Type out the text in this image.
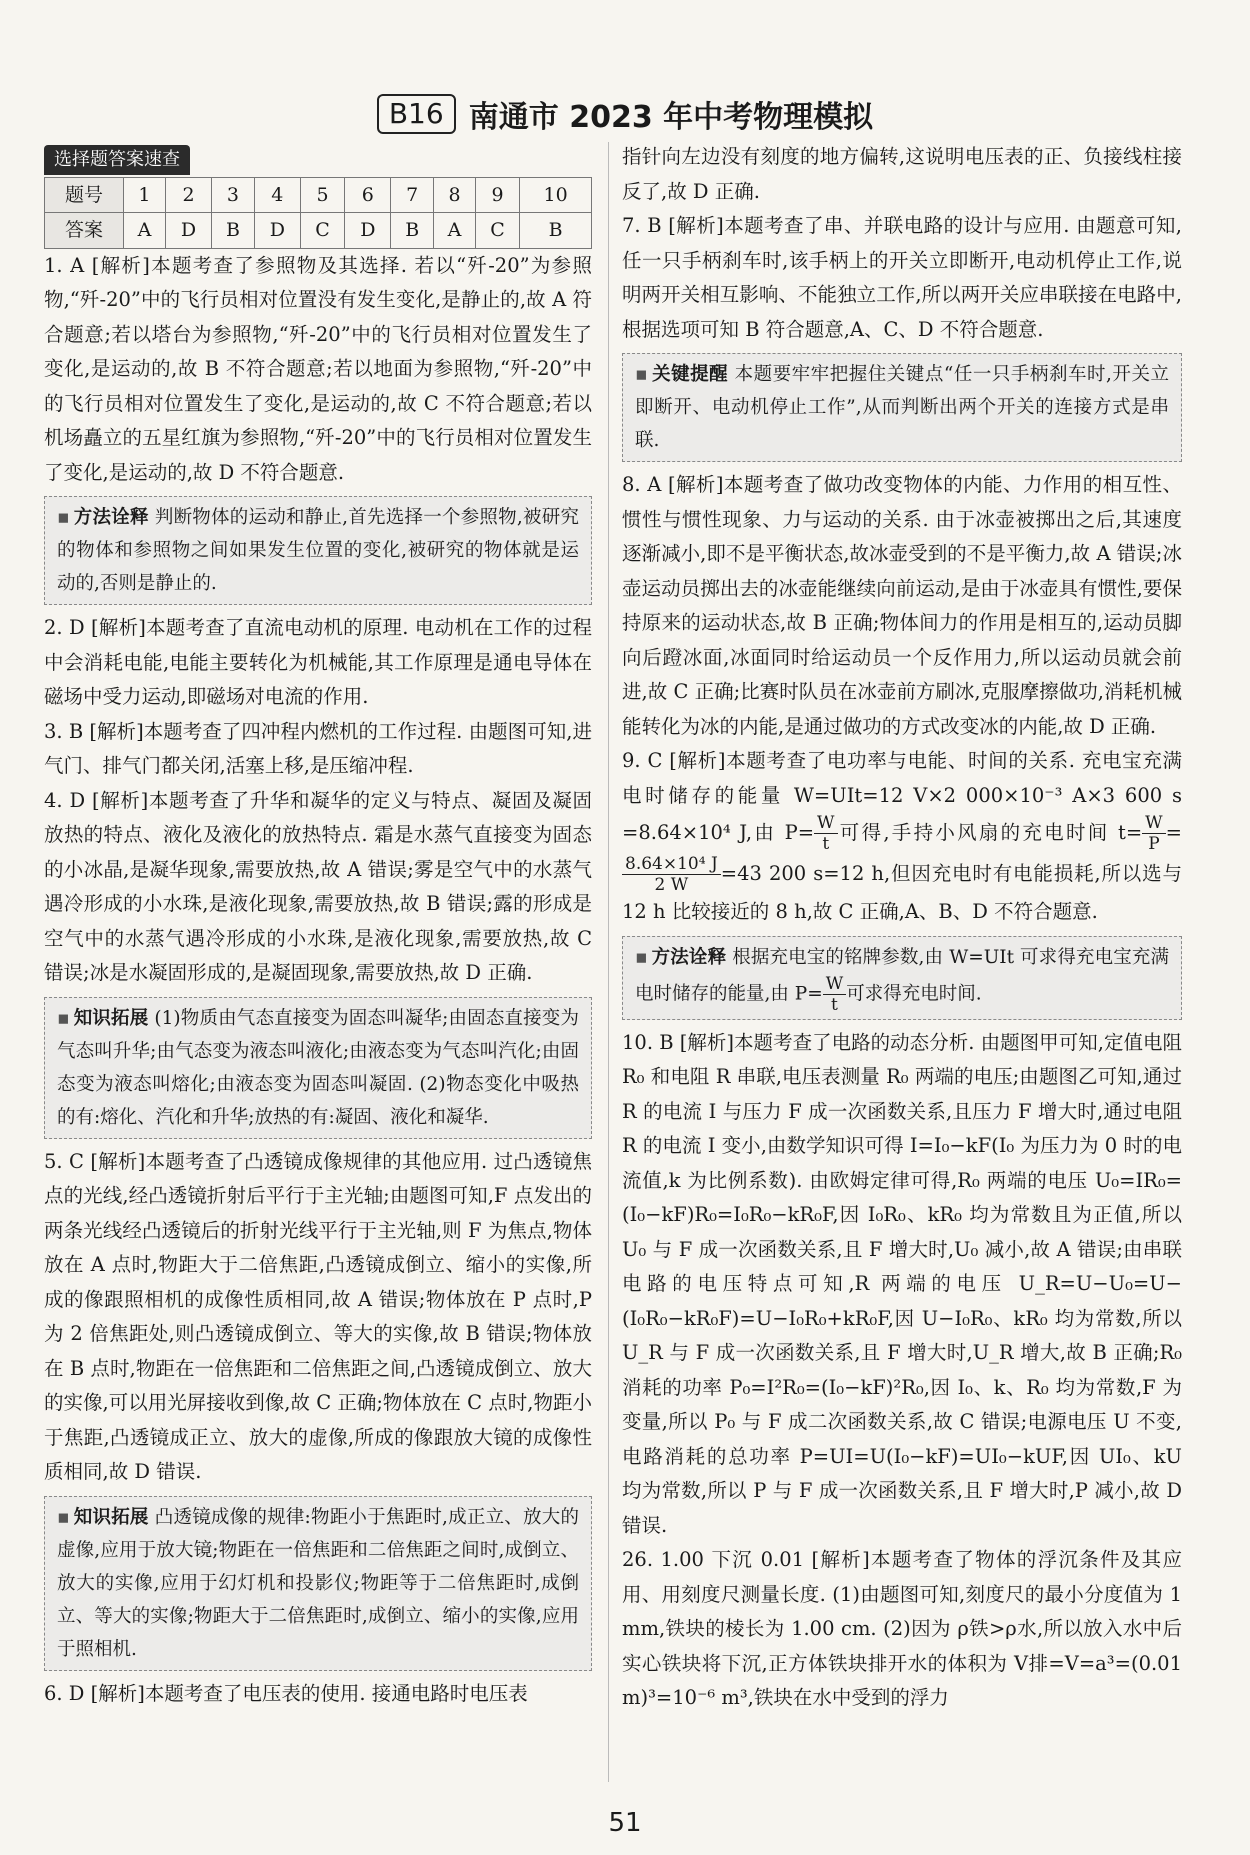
B16 南通市 2023 年中考物理模拟
选择题答案速查
题号	1	2	3	4	5	6	7	8	9	10
答案	A	D	B	D	C	D	B	A	C	B

1. A [解析]本题考查了参照物及其选择. 若以“歼-20”为参照物,“歼-20”中的飞行员相对位置没有发生变化,是静止的,故 A 符合题意;若以塔台为参照物,“歼-20”中的飞行员相对位置发生了变化,是运动的,故 B 不符合题意;若以地面为参照物,“歼-20”中的飞行员相对位置发生了变化,是运动的,故 C 不符合题意;若以机场矗立的五星红旗为参照物,“歼-20”中的飞行员相对位置发生了变化,是运动的,故 D 不符合题意.

▪ 方法诠释 判断物体的运动和静止,首先选择一个参照物,被研究的物体和参照物之间如果发生位置的变化,被研究的物体就是运动的,否则是静止的.

2. D [解析]本题考查了直流电动机的原理. 电动机在工作的过程中会消耗电能,电能主要转化为机械能,其工作原理是通电导体在磁场中受力运动,即磁场对电流的作用.

3. B [解析]本题考查了四冲程内燃机的工作过程. 由题图可知,进气门、排气门都关闭,活塞上移,是压缩冲程.

4. D [解析]本题考查了升华和凝华的定义与特点、凝固及凝固放热的特点、液化及液化的放热特点. 霜是水蒸气直接变为固态的小冰晶,是凝华现象,需要放热,故 A 错误;雾是空气中的水蒸气遇冷形成的小水珠,是液化现象,需要放热,故 B 错误;露的形成是空气中的水蒸气遇冷形成的小水珠,是液化现象,需要放热,故 C 错误;冰是水凝固形成的,是凝固现象,需要放热,故 D 正确.

▪ 知识拓展 (1)物质由气态直接变为固态叫凝华;由固态直接变为气态叫升华;由气态变为液态叫液化;由液态变为气态叫汽化;由固态变为液态叫熔化;由液态变为固态叫凝固. (2)物态变化中吸热的有:熔化、汽化和升华;放热的有:凝固、液化和凝华.

5. C [解析]本题考查了凸透镜成像规律的其他应用. 过凸透镜焦点的光线,经凸透镜折射后平行于主光轴;由题图可知,F 点发出的两条光线经凸透镜后的折射光线平行于主光轴,则 F 为焦点,物体放在 A 点时,物距大于二倍焦距,凸透镜成倒立、缩小的实像,所成的像跟照相机的成像性质相同,故 A 错误;物体放在 P 点时,P 为 2 倍焦距处,则凸透镜成倒立、等大的实像,故 B 错误;物体放在 B 点时,物距在一倍焦距和二倍焦距之间,凸透镜成倒立、放大的实像,可以用光屏接收到像,故 C 正确;物体放在 C 点时,物距小于焦距,凸透镜成正立、放大的虚像,所成的像跟放大镜的成像性质相同,故 D 错误.

▪ 知识拓展 凸透镜成像的规律:物距小于焦距时,成正立、放大的虚像,应用于放大镜;物距在一倍焦距和二倍焦距之间时,成倒立、放大的实像,应用于幻灯机和投影仪;物距等于二倍焦距时,成倒立、等大的实像;物距大于二倍焦距时,成倒立、缩小的实像,应用于照相机.

6. D [解析]本题考查了电压表的使用. 接通电路时电压表

指针向左边没有刻度的地方偏转,这说明电压表的正、负接线柱接反了,故 D 正确.

7. B [解析]本题考查了串、并联电路的设计与应用. 由题意可知,任一只手柄刹车时,该手柄上的开关立即断开,电动机停止工作,说明两开关相互影响、不能独立工作,所以两开关应串联接在电路中,根据选项可知 B 符合题意,A、C、D 不符合题意.

▪ 关键提醒 本题要牢牢把握住关键点“任一只手柄刹车时,开关立即断开、电动机停止工作”,从而判断出两个开关的连接方式是串联.

8. A [解析]本题考查了做功改变物体的内能、力作用的相互性、惯性与惯性现象、力与运动的关系. 由于冰壶被掷出之后,其速度逐渐减小,即不是平衡状态,故冰壶受到的不是平衡力,故 A 错误;冰壶运动员掷出去的冰壶能继续向前运动,是由于冰壶具有惯性,要保持原来的运动状态,故 B 正确;物体间力的作用是相互的,运动员脚向后蹬冰面,冰面同时给运动员一个反作用力,所以运动员就会前进,故 C 正确;比赛时队员在冰壶前方刷冰,克服摩擦做功,消耗机械能转化为冰的内能,是通过做功的方式改变冰的内能,故 D 正确.

9. C [解析]本题考查了电功率与电能、时间的关系. 充电宝充满电时储存的能量 W=UIt=12 V×2 000×10⁻³ A×3 600 s =8.64×10⁴ J,由 $P= \frac{W}{t}$ 可得,手持小风扇的充电时间 $t= \frac{W}{P}$ =
$\frac{\text{8.64×10⁴ J}}{2 W} =43$ 200 s=12 h,但因充电时有电能损耗,所以选与 12 h 比较接近的 8 h,故 C 正确,A、B、D 不符合题意.

▪ 方法诠释 根据充电宝的铭牌参数,由 W=UIt 可求得充电宝充满电时储存的能量,由 $P= \frac{W}{t}$ 可求得充电时间.

10. B [解析]本题考查了电路的动态分析. 由题图甲可知,定值电阻 R₀ 和电阻 R 串联,电压表测量 R₀ 两端的电压;由题图乙可知,通过 R 的电流 I 与压力 F 成一次函数关系,且压力 F 增大时,通过电阻 R 的电流 I 变小,由数学知识可得 I=I₀−kF(I₀ 为压力为 0 时的电流值,k 为比例系数). 由欧姆定律可得,R₀ 两端的电压 U₀=IR₀=(I₀−kF)R₀=I₀R₀−kR₀F,因 I₀R₀、kR₀ 均为常数且为正值,所以 U₀ 与 F 成一次函数关系,且 F 增大时,U₀ 减小,故 A 错误;由串联电路的电压特点可知,R 两端的电压 U_R=U−U₀=U−(I₀R₀−kR₀F)=U−I₀R₀+kR₀F,因 U−I₀R₀、kR₀ 均为常数,所以 U_R 与 F 成一次函数关系,且 F 增大时,U_R 增大,故 B 正确;R₀ 消耗的功率 P₀=I²R₀=(I₀−kF)²R₀,因 I₀、k、R₀ 均为常数,F 为变量,所以 P₀ 与 F 成二次函数关系,故 C 错误;电源电压 U 不变,电路消耗的总功率 P=UI=U(I₀−kF)=UI₀−kUF,因 UI₀、kU 均为常数,所以 P 与 F 成一次函数关系,且 F 增大时,P 减小,故 D 错误.

26. 1.00 下沉 0.01 [解析]本题考查了物体的浮沉条件及其应用、用刻度尺测量长度. (1)由题图可知,刻度尺的最小分度值为 1 mm,铁块的棱长为 1.00 cm. (2)因为 ρ铁>ρ水,所以放入水中后实心铁块将下沉,正方体铁块排开水的体积为 V排=V=a³=(0.01 m)³=10⁻⁶ m³,铁块在水中受到的浮力

51
